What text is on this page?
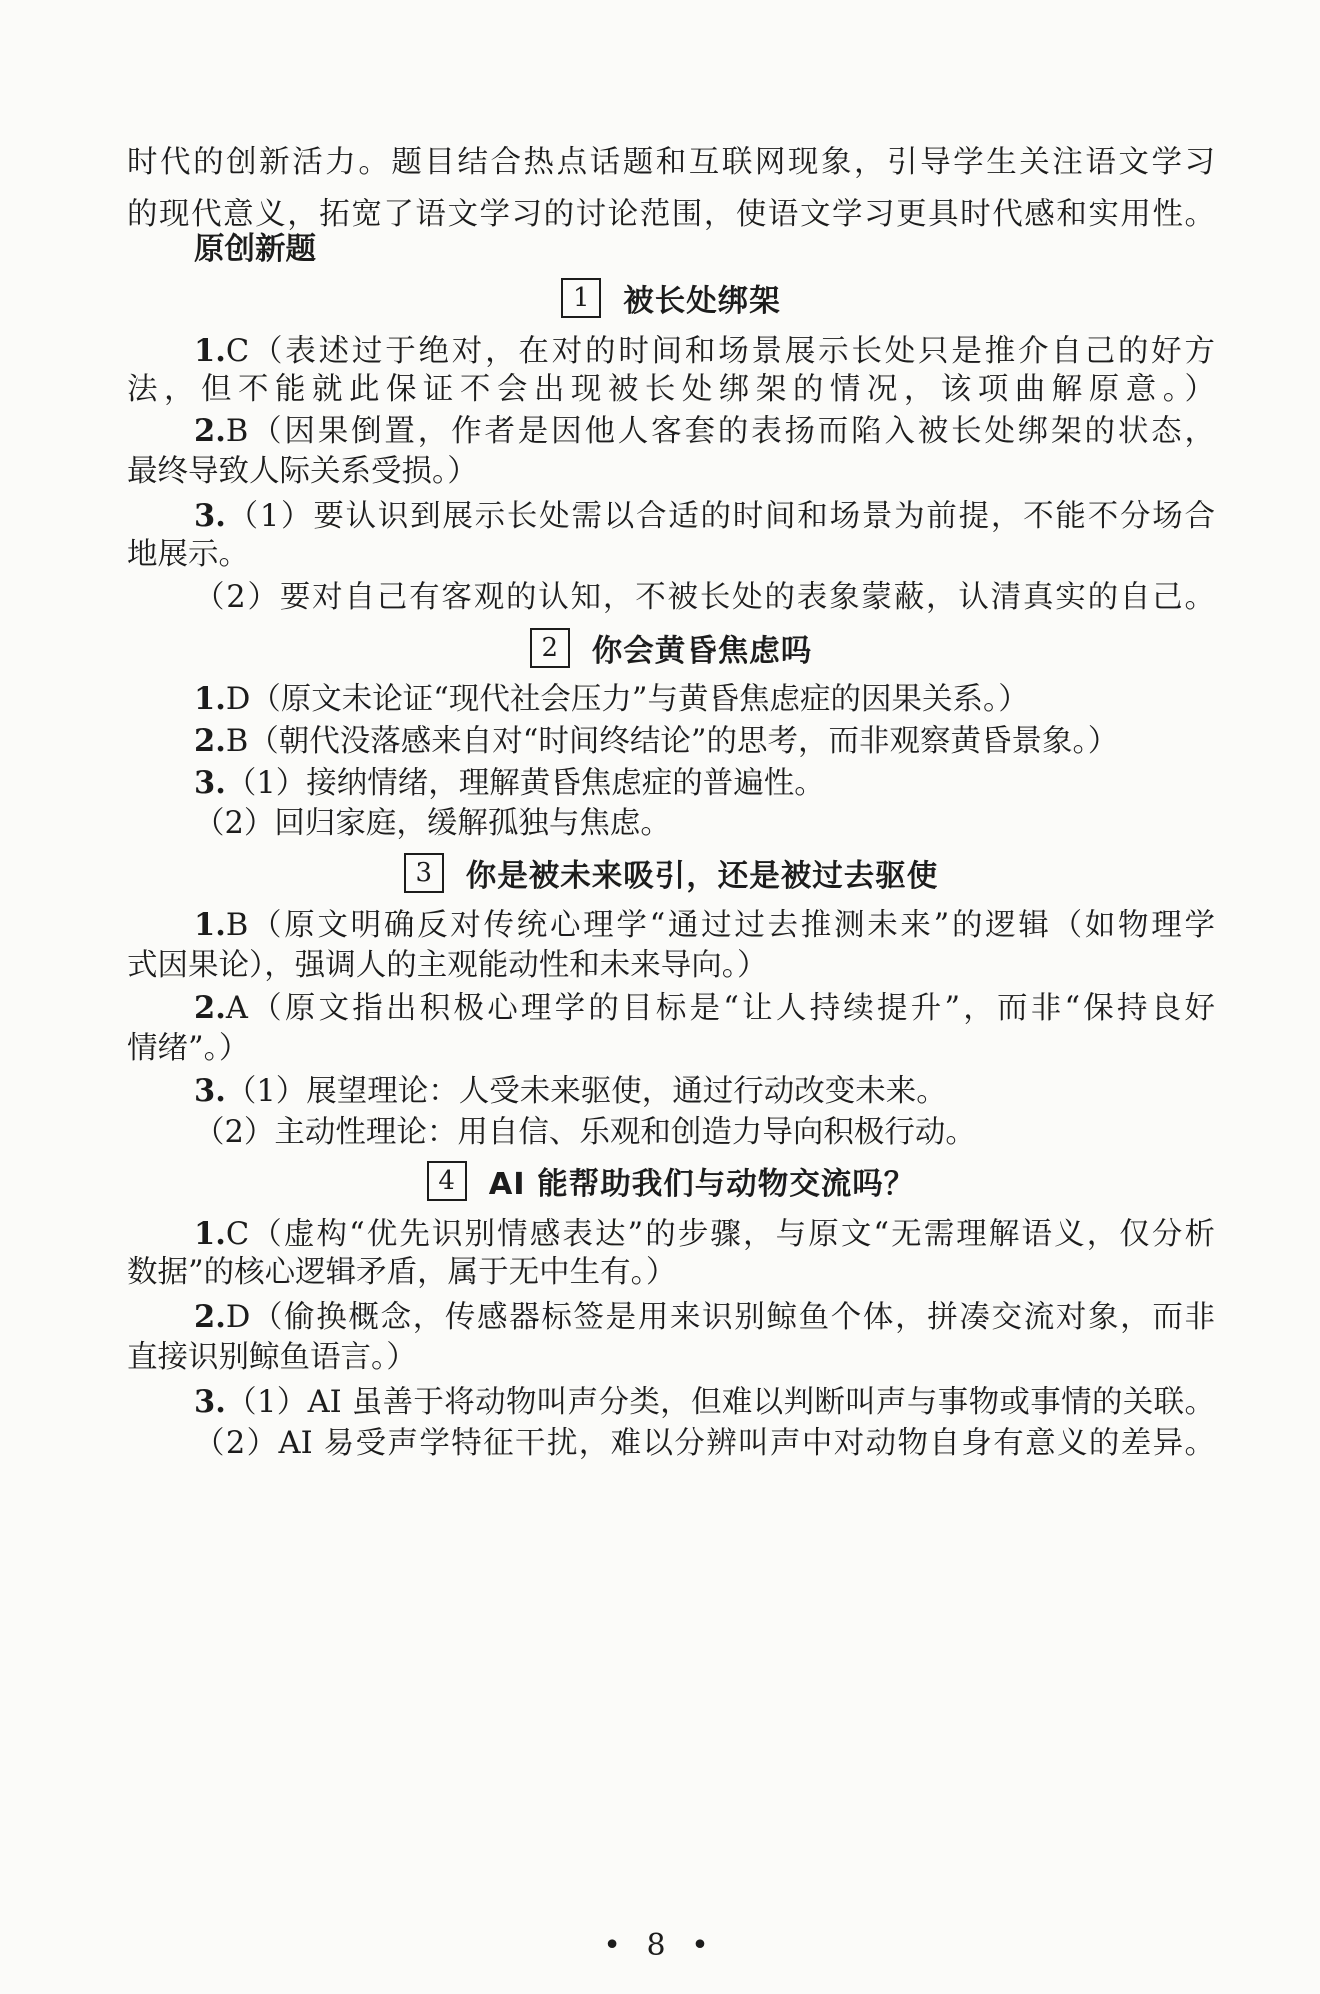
时代的创新活力。题目结合热点话题和互联网现象，引导学生关注语文学习
的现代意义，拓宽了语文学习的讨论范围，使语文学习更具时代感和实用性。
原创新题
1	被长处绑架
1.C（表述过于绝对，在对的时间和场景展示长处只是推介自己的好方
法，但不能就此保证不会出现被长处绑架的情况，该项曲解原意。）
2.B（因果倒置，作者是因他人客套的表扬而陷入被长处绑架的状态，
最终导致人际关系受损。）
3.（1）要认识到展示长处需以合适的时间和场景为前提，不能不分场合
地展示。
（2）要对自己有客观的认知，不被长处的表象蒙蔽，认清真实的自己。
2	你会黄昏焦虑吗
1.D（原文未论证“现代社会压力”与黄昏焦虑症的因果关系。）
2.B（朝代没落感来自对“时间终结论”的思考，而非观察黄昏景象。）
3.（1）接纳情绪，理解黄昏焦虑症的普遍性。
（2）回归家庭，缓解孤独与焦虑。
3	你是被未来吸引，还是被过去驱使
1.B（原文明确反对传统心理学“通过过去推测未来”的逻辑（如物理学
式因果论），强调人的主观能动性和未来导向。）
2.A（原文指出积极心理学的目标是“让人持续提升”，而非“保持良好
情绪”。）
3.（1）展望理论：人受未来驱使，通过行动改变未来。
（2）主动性理论：用自信、乐观和创造力导向积极行动。
4	AI 能帮助我们与动物交流吗？
1.C（虚构“优先识别情感表达”的步骤，与原文“无需理解语义，仅分析
数据”的核心逻辑矛盾，属于无中生有。）
2.D（偷换概念，传感器标签是用来识别鲸鱼个体，拼凑交流对象，而非
直接识别鲸鱼语言。）
3.（1）AI 虽善于将动物叫声分类，但难以判断叫声与事物或事情的关联。
（2）AI 易受声学特征干扰，难以分辨叫声中对动物自身有意义的差异。
• 8 •
